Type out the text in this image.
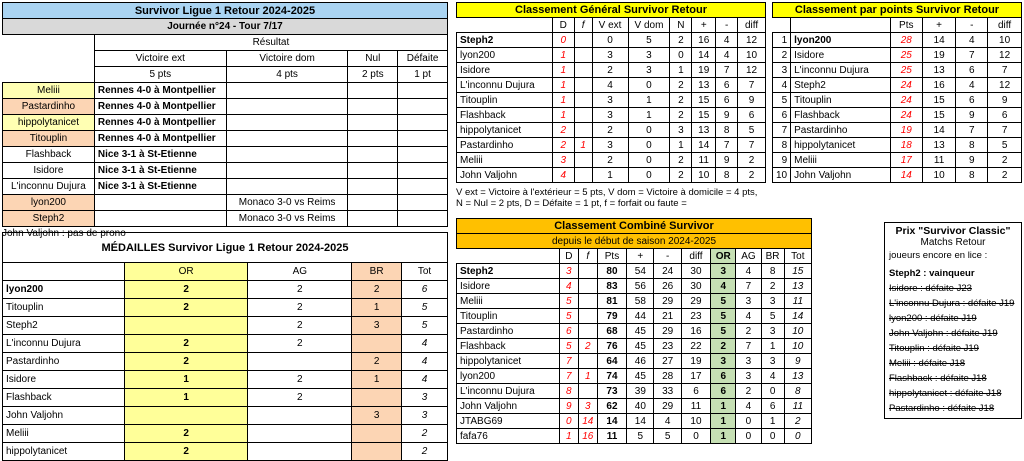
Survivor Ligue 1 Retour 2024-2025				
Journée n°24 - Tour 7/17				
	Résultat			
	Victoire ext	Victoire dom	Nul	Défaite
	5 pts	4 pts	2 pts	1 pt
Meliii	Rennes 4-0 à Montpellier			
Pastardinho	Rennes 4-0 à Montpellier			
hippolytanicet	Rennes 4-0 à Montpellier			
Titouplin	Rennes 4-0 à Montpellier			
Flashback	Nice 3-1 à St-Etienne			
Isidore	Nice 3-1 à St-Etienne			
L'inconnu Dujura	Nice 3-1 à St-Etienne			
lyon200		Monaco 3-0 vs Reims		
Steph2		Monaco 3-0 vs Reims		
John Valjohn : pas de prono
Classement Général Survivor Retour								
	D	f	V ext	V dom	N	+	-	diff
Steph2	0		0	5	2	16	4	12
lyon200	1		3	3	0	14	4	10
Isidore	1		2	3	1	19	7	12
L'inconnu Dujura	1		4	0	2	13	6	7
Titouplin	1		3	1	2	15	6	9
Flashback	1		3	1	2	15	9	6
hippolytanicet	2		2	0	3	13	8	5
Pastardinho	2	1	3	0	1	14	7	7
Meliii	3		2	0	2	11	9	2
John Valjohn	4		1	0	2	10	8	2
V ext = Victoire à l'extérieur = 5 pts, V dom = Victoire à domicile = 4 pts, N = Nul = 2 pts, D = Défaite = 1 pt, f = forfait ou faute =
Classement par points Survivor Retour					
		Pts	+	-	diff
1	lyon200	28	14	4	10
2	Isidore	25	19	7	12
3	L'inconnu Dujura	25	13	6	7
4	Steph2	24	16	4	12
5	Titouplin	24	15	6	9
6	Flashback	24	15	9	6
7	Pastardinho	19	14	7	7
8	hippolytanicet	18	13	8	5
9	Meliii	17	11	9	2
10	John Valjohn	14	10	8	2
MÉDAILLES Survivor Ligue 1 Retour 2024-2025				
	OR	AG	BR	Tot
lyon200	2	2	2	6
Titouplin	2	2	1	5
Steph2		2	3	5
L'inconnu Dujura	2	2		4
Pastardinho	2		2	4
Isidore	1	2	1	4
Flashback	1	2		3
John Valjohn			3	3
Meliii	2			2
hippolytanicet	2			2
Classement Combiné Survivor										
depuis le début de saison 2024-2025										
	D	f	Pts	+	-	diff	OR	AG	BR	Tot
Steph2	3		80	54	24	30	3	4	8	15
Isidore	4		83	56	26	30	4	7	2	13
Meliii	5		81	58	29	29	5	3	3	11
Titouplin	5		79	44	21	23	5	4	5	14
Pastardinho	6		68	45	29	16	5	2	3	10
Flashback	5	2	76	45	23	22	2	7	1	10
hippolytanicet	7		64	46	27	19	3	3	3	9
lyon200	7	1	74	45	28	17	6	3	4	13
L'inconnu Dujura	8		73	39	33	6	6	2	0	8
John Valjohn	9	3	62	40	29	11	1	4	6	11
JTABG69	0	14	14	14	4	10	1	0	1	2
fafa76	1	16	11	5	5	0	1	0	0	0
Prix "Survivor Classic"
Matchs Retour
joueurs encore en lice :
Steph2 : vainqueur
Isidore : défaite J23
L'inconnu Dujura : défaite J19
lyon200 : défaite J19
John Valjohn : défaite J19
Titouplin : défaite J19
Meliii : défaite J18
Flashback : défaite J18
hippolytanicet : défaite J18
Pastardinho : défaite J18
